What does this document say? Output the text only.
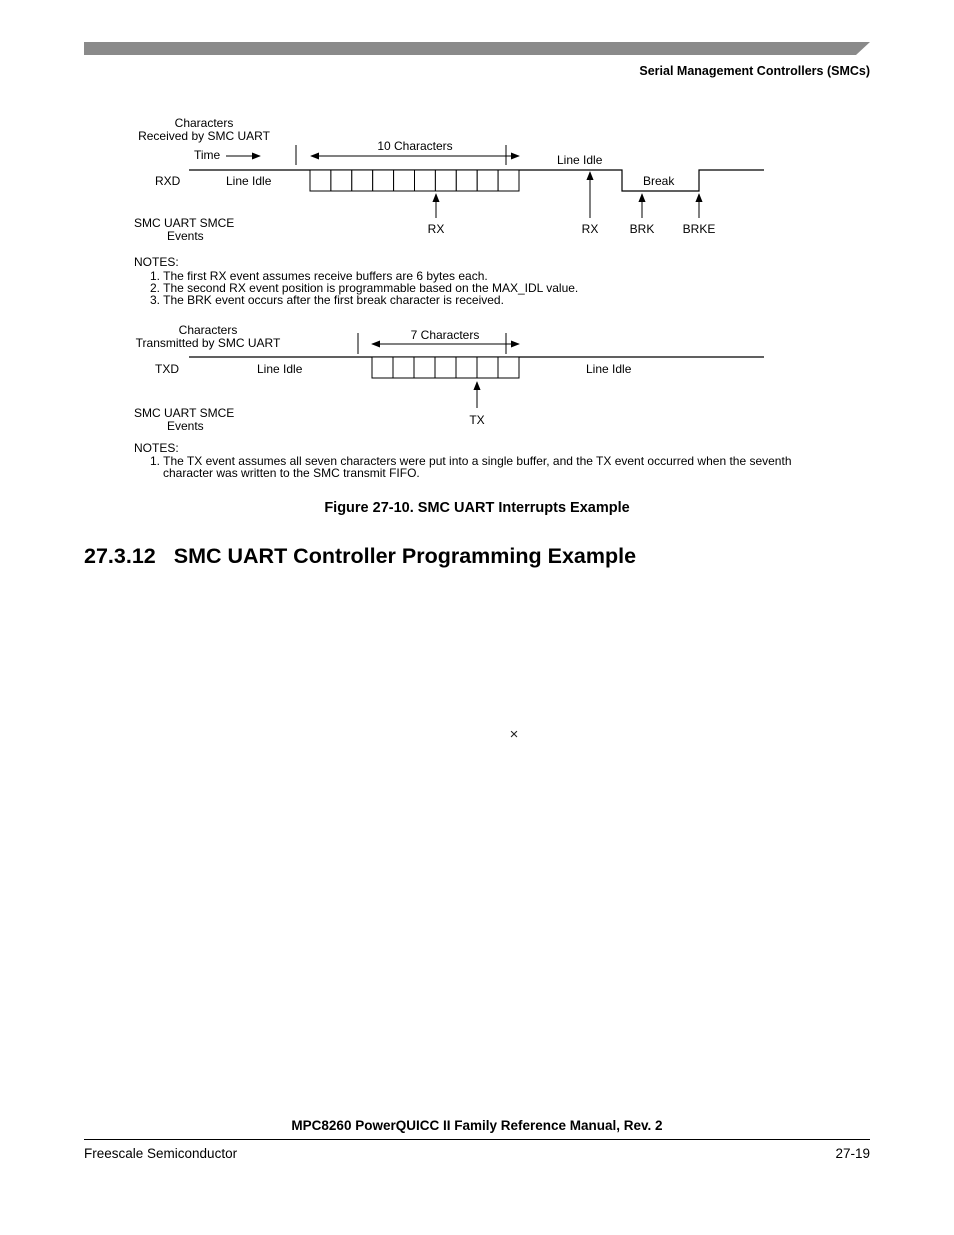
Serial Management Controllers (SMCs)
Characters
Received by SMC UART
Time
10 Characters
RXD	Line Idle
Line Idle
Break
SMC UART SMCE
Events	RX	RX	BRK BRKE
NOTES:
1. The first RX event assumes receive buffers are 6 bytes each.
2. The second RX event position is programmable based on the MAX_IDL value.
3. The BRK event occurs after the first break character is received.
Characters
Transmitted by SMC UART
7 Characters
TXD	Line Idle	Line Idle
SMC UART SMCE
Events	TX
NOTES:
1. The TX event assumes all seven characters were put into a single buffer, and the TX event occurred when the seventh
character was written to the SMC transmit FIFO.
Figure 27-10. SMC UART Interrupts Example
27.3.12 SMC UART Controller Programming Example
×
MPC8260 PowerQUICC II Family Reference Manual, Rev. 2
Freescale Semiconductor	27-19
